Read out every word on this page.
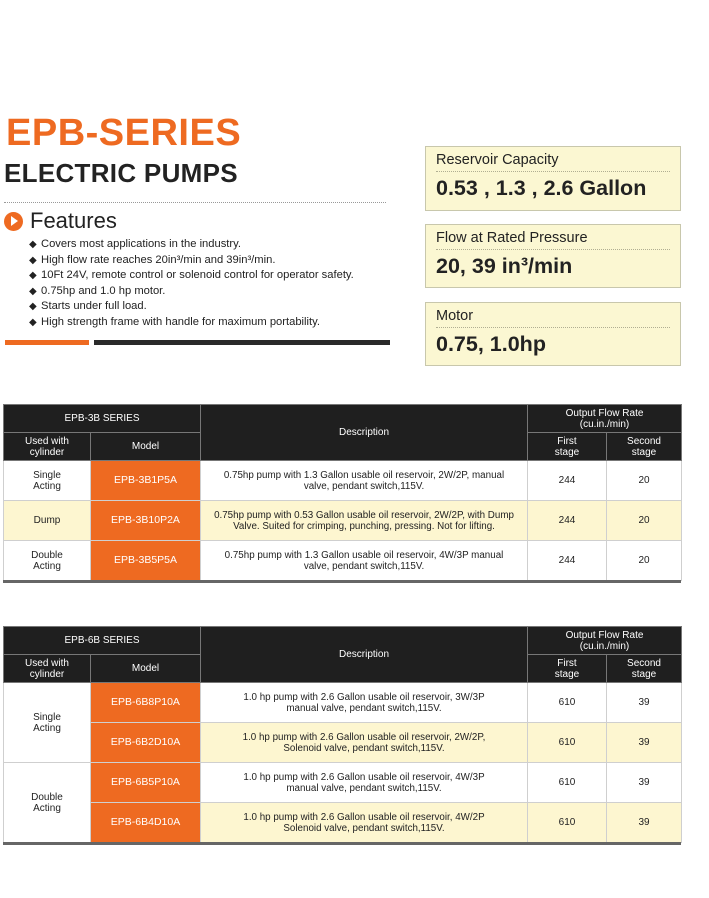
EPB-SERIES
ELECTRIC PUMPS
Features
◆ Covers most applications in the industry.
◆ High flow rate reaches 20in³/min and 39in³/min.
◆ 10Ft 24V, remote control or solenoid control for operator safety.
◆ 0.75hp and 1.0 hp motor.
◆ Starts under full load.
◆ High strength frame with handle for maximum portability.
Reservoir Capacity
0.53 , 1.3 , 2.6 Gallon
Flow at Rated Pressure
20, 39 in³/min
Motor
0.75, 1.0hp
EPB-3B SERIES		Description	Output Flow Rate (cu.in./min)	
Used with cylinder	Model		First stage	Second stage
Single Acting	EPB-3B1P5A	0.75hp pump with 1.3 Gallon usable oil reservoir, 2W/2P, manual valve, pendant switch,115V.	244	20
Dump	EPB-3B10P2A	0.75hp pump with 0.53 Gallon usable oil reservoir, 2W/2P, with Dump Valve. Suited for crimping, punching, pressing. Not for lifting.	244	20
Double Acting	EPB-3B5P5A	0.75hp pump with 1.3 Gallon usable oil reservoir, 4W/3P manual valve, pendant switch,115V.	244	20
EPB-6B SERIES		Description	Output Flow Rate (cu.in./min)	
Used with cylinder	Model		First stage	Second stage
Single Acting	EPB-6B8P10A	1.0 hp pump with 2.6 Gallon usable oil reservoir, 3W/3P manual valve, pendant switch,115V.	610	39
	EPB-6B2D10A	1.0 hp pump with 2.6 Gallon usable oil reservoir, 2W/2P, Solenoid valve, pendant switch,115V.	610	39
Double Acting	EPB-6B5P10A	1.0 hp pump with 2.6 Gallon usable oil reservoir, 4W/3P manual valve, pendant switch,115V.	610	39
	EPB-6B4D10A	1.0 hp pump with 2.6 Gallon usable oil reservoir, 4W/2P Solenoid valve, pendant switch,115V.	610	39
